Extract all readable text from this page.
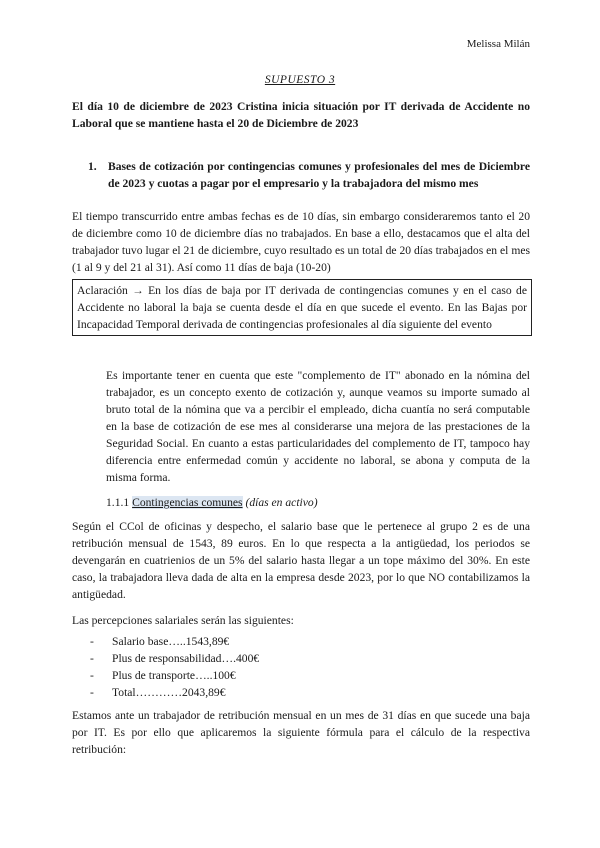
Melissa Milán
SUPUESTO 3
El día 10 de diciembre de 2023 Cristina inicia situación por IT derivada de Accidente no Laboral que se mantiene hasta el 20 de Diciembre de 2023
1. Bases de cotización por contingencias comunes y profesionales del mes de Diciembre de 2023 y cuotas a pagar por el empresario y la trabajadora del mismo mes
El tiempo transcurrido entre ambas fechas es de 10 días, sin embargo consideraremos tanto el 20 de diciembre como 10 de diciembre días no trabajados. En base a ello, destacamos que el alta del trabajador tuvo lugar el 21 de diciembre, cuyo resultado es un total de 20 días trabajados en el mes (1 al 9 y del 21 al 31). Así como 11 días de baja (10-20)
Aclaración → En los días de baja por IT derivada de contingencias comunes y en el caso de Accidente no laboral la baja se cuenta desde el día en que sucede el evento. En las Bajas por Incapacidad Temporal derivada de contingencias profesionales al día siguiente del evento
Es importante tener en cuenta que este "complemento de IT" abonado en la nómina del trabajador, es un concepto exento de cotización y, aunque veamos su importe sumado al bruto total de la nómina que va a percibir el empleado, dicha cuantía no será computable en la base de cotización de ese mes al considerarse una mejora de las prestaciones de la Seguridad Social. En cuanto a estas particularidades del complemento de IT, tampoco hay diferencia entre enfermedad común y accidente no laboral, se abona y computa de la misma forma.
1.1.1 Contingencias comunes (días en activo)
Según el CCol de oficinas y despecho, el salario base que le pertenece al grupo 2 es de una retribución mensual de 1543, 89 euros. En lo que respecta a la antigüedad, los periodos se devengarán en cuatrienios de un 5% del salario hasta llegar a un tope máximo del 30%. En este caso, la trabajadora lleva dada de alta en la empresa desde 2023, por lo que NO contabilizamos la antigüedad.
Las percepciones salariales serán las siguientes:
-	Salario base…..1543,89€
-	Plus de responsabilidad….400€
-	Plus de transporte…..100€
-	Total…………2043,89€
Estamos ante un trabajador de retribución mensual en un mes de 31 días en que sucede una baja por IT. Es por ello que aplicaremos la siguiente fórmula para el cálculo de la respectiva retribución:
